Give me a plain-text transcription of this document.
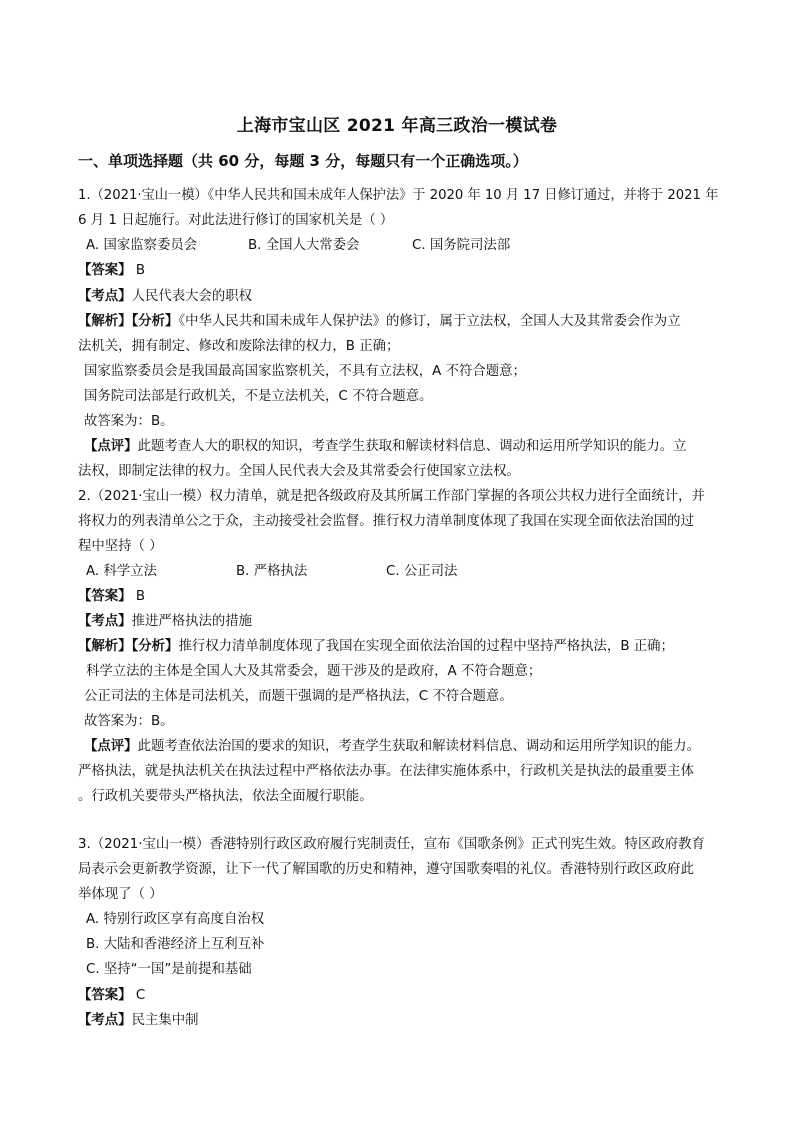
上海市宝山区 2021 年高三政治一模试卷
一、单项选择题（共 60 分，每题 3 分，每题只有一个正确选项。）
1.（2021·宝山一模）《中华人民共和国未成年人保护法》于 2020 年 10 月 17 日修订通过，并将于 2021 年
6 月 1 日起施行。对此法进行修订的国家机关是（ ）
A. 国家监察委员会	B. 全国人大常委会	C. 国务院司法部
【答案】 B
【考点】人民代表大会的职权
【解析】【分析】《中华人民共和国未成年人保护法》的修订，属于立法权，全国人大及其常委会作为立
法机关，拥有制定、修改和废除法律的权力，B 正确；
国家监察委员会是我国最高国家监察机关，不具有立法权，A 不符合题意；
国务院司法部是行政机关，不是立法机关，C 不符合题意。
故答案为：B。
【点评】此题考查人大的职权的知识，考查学生获取和解读材料信息、调动和运用所学知识的能力。立
法权，即制定法律的权力。全国人民代表大会及其常委会行使国家立法权。
2.（2021·宝山一模）权力清单，就是把各级政府及其所属工作部门掌握的各项公共权力进行全面统计，并
将权力的列表清单公之于众，主动接受社会监督。推行权力清单制度体现了我国在实现全面依法治国的过
程中坚持（ ）
A. 科学立法	B. 严格执法	C. 公正司法
【答案】 B
【考点】推进严格执法的措施
【解析】【分析】推行权力清单制度体现了我国在实现全面依法治国的过程中坚持严格执法，B 正确；
科学立法的主体是全国人大及其常委会，题干涉及的是政府，A 不符合题意；
公正司法的主体是司法机关，而题干强调的是严格执法，C 不符合题意。
故答案为：B。
【点评】此题考查依法治国的要求的知识，考查学生获取和解读材料信息、调动和运用所学知识的能力。
严格执法，就是执法机关在执法过程中严格依法办事。在法律实施体系中，行政机关是执法的最重要主体
。行政机关要带头严格执法，依法全面履行职能。
3.（2021·宝山一模）香港特别行政区政府履行宪制责任，宣布《国歌条例》正式刊宪生效。特区政府教育
局表示会更新教学资源，让下一代了解国歌的历史和精神，遵守国歌奏唱的礼仪。香港特别行政区政府此
举体现了（ ）
A. 特别行政区享有高度自治权
B. 大陆和香港经济上互利互补
C. 坚持“一国”是前提和基础
【答案】 C
【考点】民主集中制
